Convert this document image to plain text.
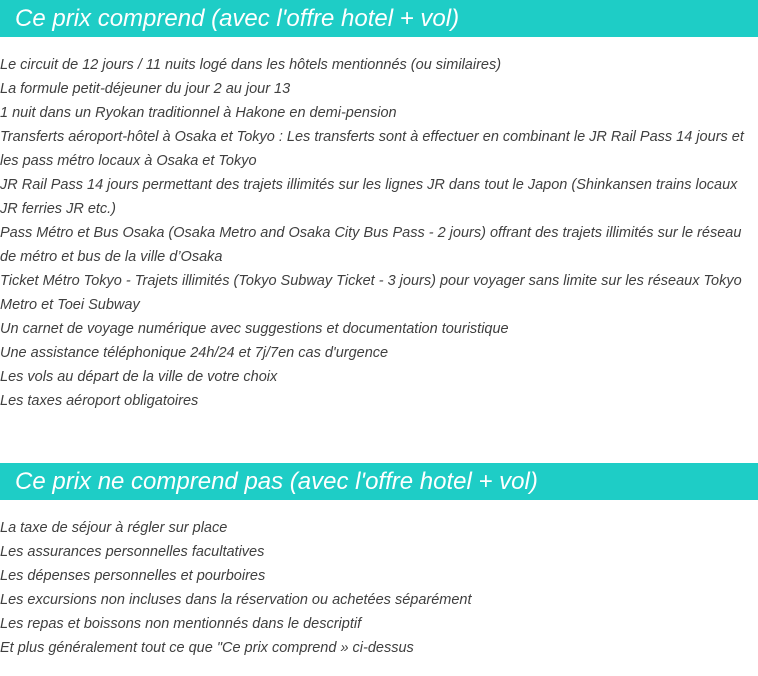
Ce prix comprend (avec l'offre hotel + vol)
Le circuit de 12 jours / 11 nuits logé dans les hôtels mentionnés (ou similaires)
La formule petit-déjeuner du jour 2 au jour 13
1 nuit dans un Ryokan traditionnel à Hakone en demi-pension
Transferts aéroport-hôtel à Osaka et Tokyo : Les transferts sont à effectuer en combinant le JR Rail Pass 14 jours et les pass métro locaux à Osaka et Tokyo
JR Rail Pass 14 jours permettant des trajets illimités sur les lignes JR dans tout le Japon (Shinkansen trains locaux JR ferries JR etc.)
Pass Métro et Bus Osaka (Osaka Metro and Osaka City Bus Pass - 2 jours) offrant des trajets illimités sur le réseau de métro et bus de la ville d’Osaka
Ticket Métro Tokyo - Trajets illimités (Tokyo Subway Ticket - 3 jours) pour voyager sans limite sur les réseaux Tokyo Metro et Toei Subway
Un carnet de voyage numérique avec suggestions et documentation touristique
Une assistance téléphonique 24h/24 et 7j/7en cas d'urgence
Les vols au départ de la ville de votre choix
Les taxes aéroport obligatoires
Ce prix ne comprend pas (avec l'offre hotel + vol)
La taxe de séjour à régler sur place
Les assurances personnelles facultatives
Les dépenses personnelles et pourboires
Les excursions non incluses dans la réservation ou achetées séparément
Les repas et boissons non mentionnés dans le descriptif
Et plus généralement tout ce que "Ce prix comprend » ci-dessus
